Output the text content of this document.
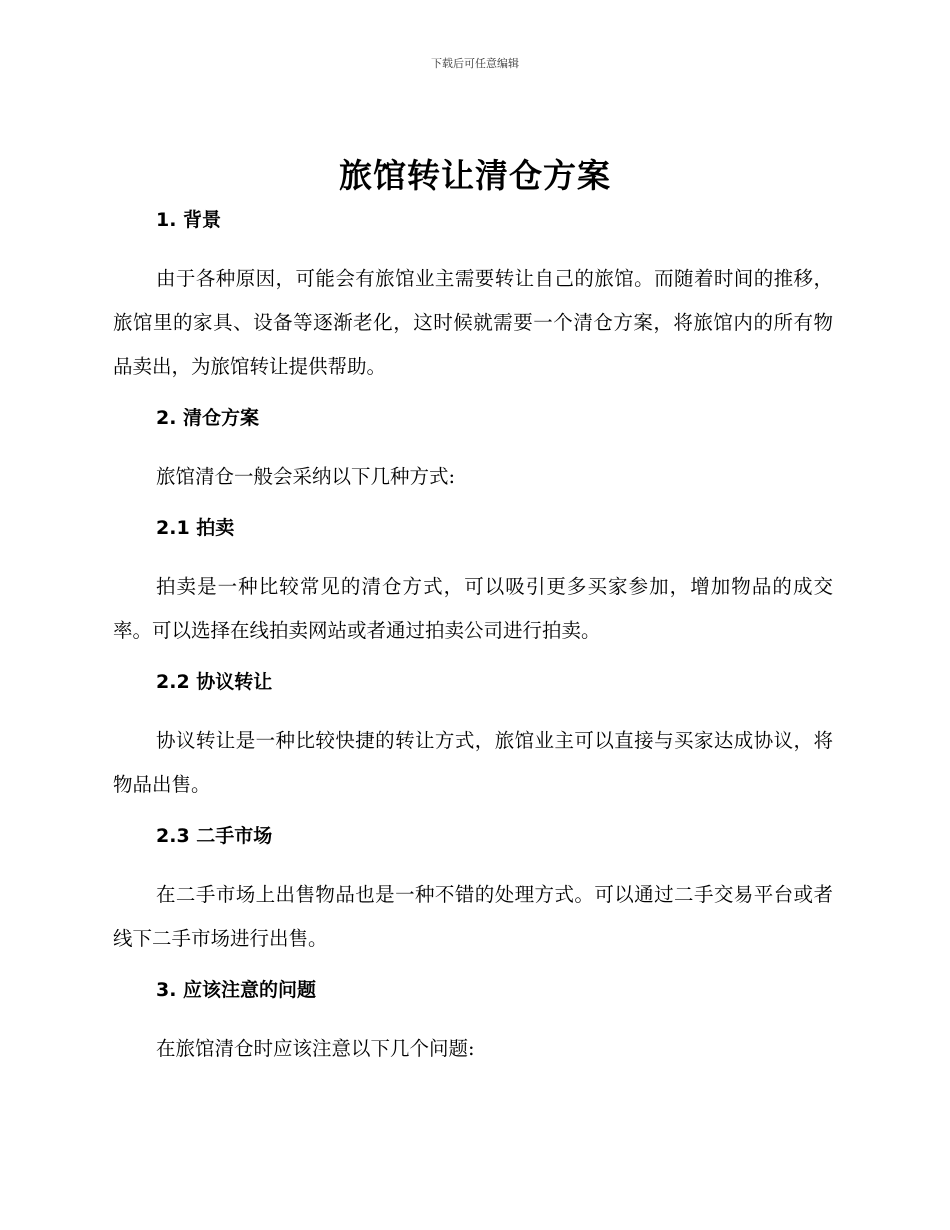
下载后可任意编辑
旅馆转让清仓方案
1. 背景

由于各种原因，可能会有旅馆业主需要转让自己的旅馆。而随着时间的推移，旅馆里的家具、设备等逐渐老化，这时候就需要一个清仓方案，将旅馆内的所有物品卖出，为旅馆转让提供帮助。

2. 清仓方案

旅馆清仓一般会采纳以下几种方式:

2.1 拍卖

拍卖是一种比较常见的清仓方式，可以吸引更多买家参加，增加物品的成交率。可以选择在线拍卖网站或者通过拍卖公司进行拍卖。

2.2 协议转让

协议转让是一种比较快捷的转让方式，旅馆业主可以直接与买家达成协议，将物品出售。

2.3 二手市场

在二手市场上出售物品也是一种不错的处理方式。可以通过二手交易平台或者线下二手市场进行出售。

3. 应该注意的问题

在旅馆清仓时应该注意以下几个问题:
